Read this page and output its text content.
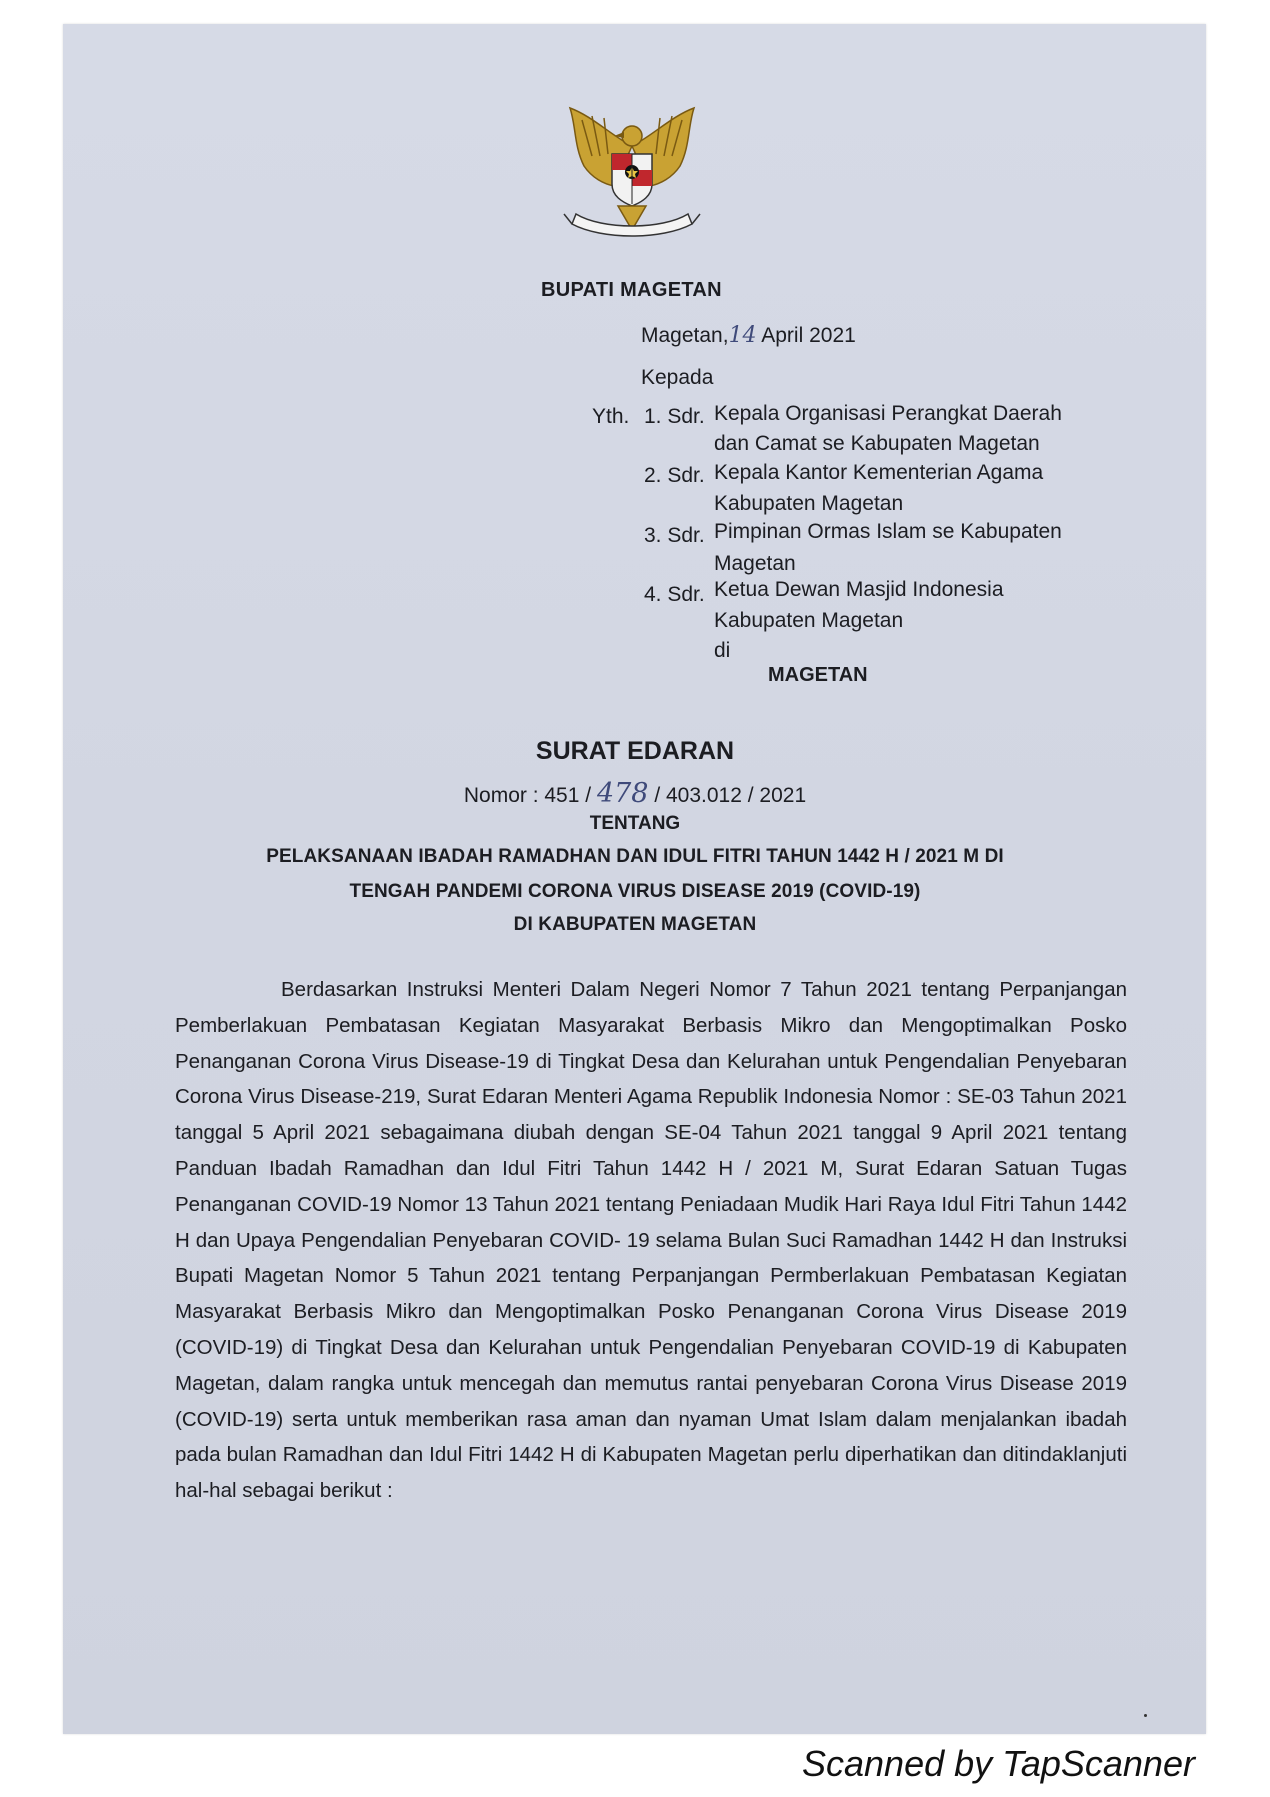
BUPATI MAGETAN
Magetan,14 April 2021
Kepada
Yth. 1. Sdr. Kepala Organisasi Perangkat Daerah
dan Camat se Kabupaten Magetan
2. Sdr. Kepala Kantor Kementerian Agama
Kabupaten Magetan
3. Sdr. Pimpinan Ormas Islam se Kabupaten
Magetan
4. Sdr. Ketua Dewan Masjid Indonesia
Kabupaten Magetan
di
MAGETAN
SURAT EDARAN
Nomor : 451 / 478 / 403.012 / 2021
TENTANG
PELAKSANAAN IBADAH RAMADHAN DAN IDUL FITRI TAHUN 1442 H / 2021 M DI
TENGAH PANDEMI CORONA VIRUS DISEASE 2019 (COVID-19)
DI KABUPATEN MAGETAN

Berdasarkan Instruksi Menteri Dalam Negeri Nomor 7 Tahun 2021 tentang Perpanjangan Pemberlakuan Pembatasan Kegiatan Masyarakat Berbasis Mikro dan Mengoptimalkan Posko Penanganan Corona Virus Disease-19 di Tingkat Desa dan Kelurahan untuk Pengendalian Penyebaran Corona Virus Disease-219, Surat Edaran Menteri Agama Republik Indonesia Nomor : SE-03 Tahun 2021 tanggal 5 April 2021 sebagaimana diubah dengan SE-04 Tahun 2021 tanggal 9 April 2021 tentang Panduan Ibadah Ramadhan dan Idul Fitri Tahun 1442 H / 2021 M, Surat Edaran Satuan Tugas Penanganan COVID-19 Nomor 13 Tahun 2021 tentang Peniadaan Mudik Hari Raya Idul Fitri Tahun 1442 H dan Upaya Pengendalian Penyebaran COVID- 19 selama Bulan Suci Ramadhan 1442 H dan Instruksi Bupati Magetan Nomor 5 Tahun 2021 tentang Perpanjangan Permberlakuan Pembatasan Kegiatan Masyarakat Berbasis Mikro dan Mengoptimalkan Posko Penanganan Corona Virus Disease 2019 (COVID-19) di Tingkat Desa dan Kelurahan untuk Pengendalian Penyebaran COVID-19 di Kabupaten Magetan, dalam rangka untuk mencegah dan memutus rantai penyebaran Corona Virus Disease 2019 (COVID-19) serta untuk memberikan rasa aman dan nyaman Umat Islam dalam menjalankan ibadah pada bulan Ramadhan dan Idul Fitri 1442 H di Kabupaten Magetan perlu diperhatikan dan ditindaklanjuti hal-hal sebagai berikut :

Scanned by TapScanner
